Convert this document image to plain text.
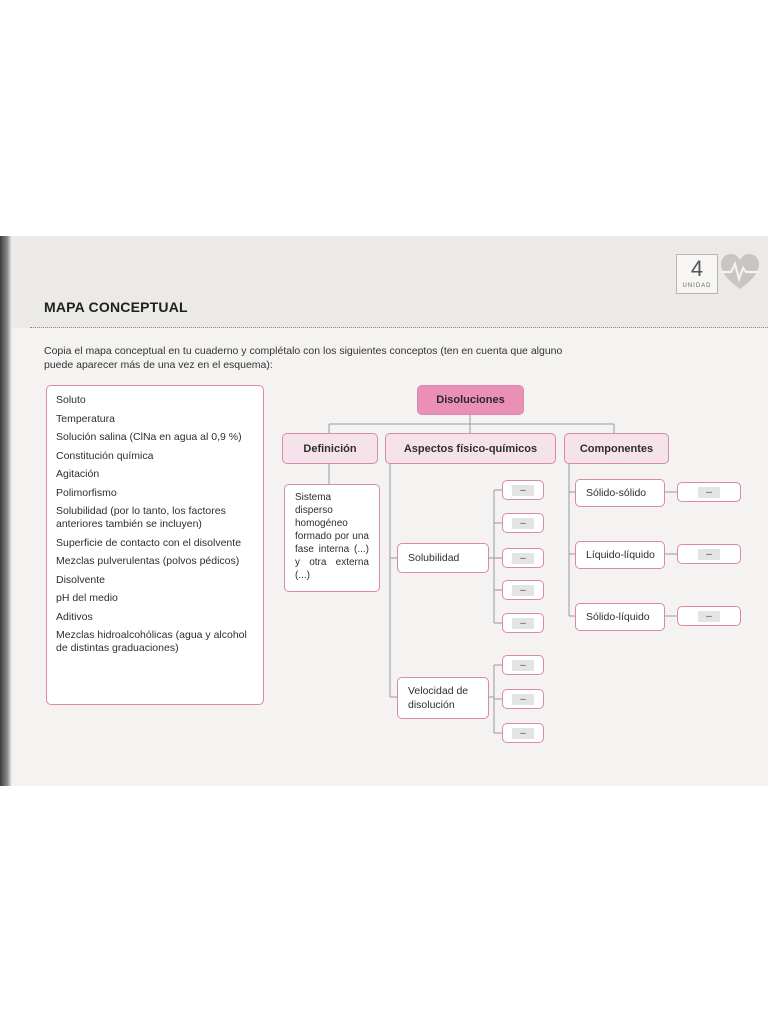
MAPA CONCEPTUAL
4
UNIDAD
Copia el mapa conceptual en tu cuaderno y complétalo con los siguientes conceptos (ten en cuenta que alguno puede aparecer más de una vez en el esquema):
Soluto
Temperatura
Solución salina (ClNa en agua al 0,9 %)
Constitución química
Agitación
Polimorfismo
Solubilidad (por lo tanto, los factores anteriores también se incluyen)
Superficie de contacto con el disolvente
Mezclas pulverulentas (polvos pédicos)
Disolvente
pH del medio
Aditivos
Mezclas hidroalcohólicas (agua y alcohol de distintas graduaciones)
Disoluciones
Definición	Aspectos físico-químicos	Componentes
Sistema disperso homogéneo formado por una fase interna (...) y otra externa (...)
Solubilidad
Velocidad de disolución
Sólido-sólido
Líquido-líquido
Sólido-líquido
...
...
...
...
...
...
...
...
...
...
...
